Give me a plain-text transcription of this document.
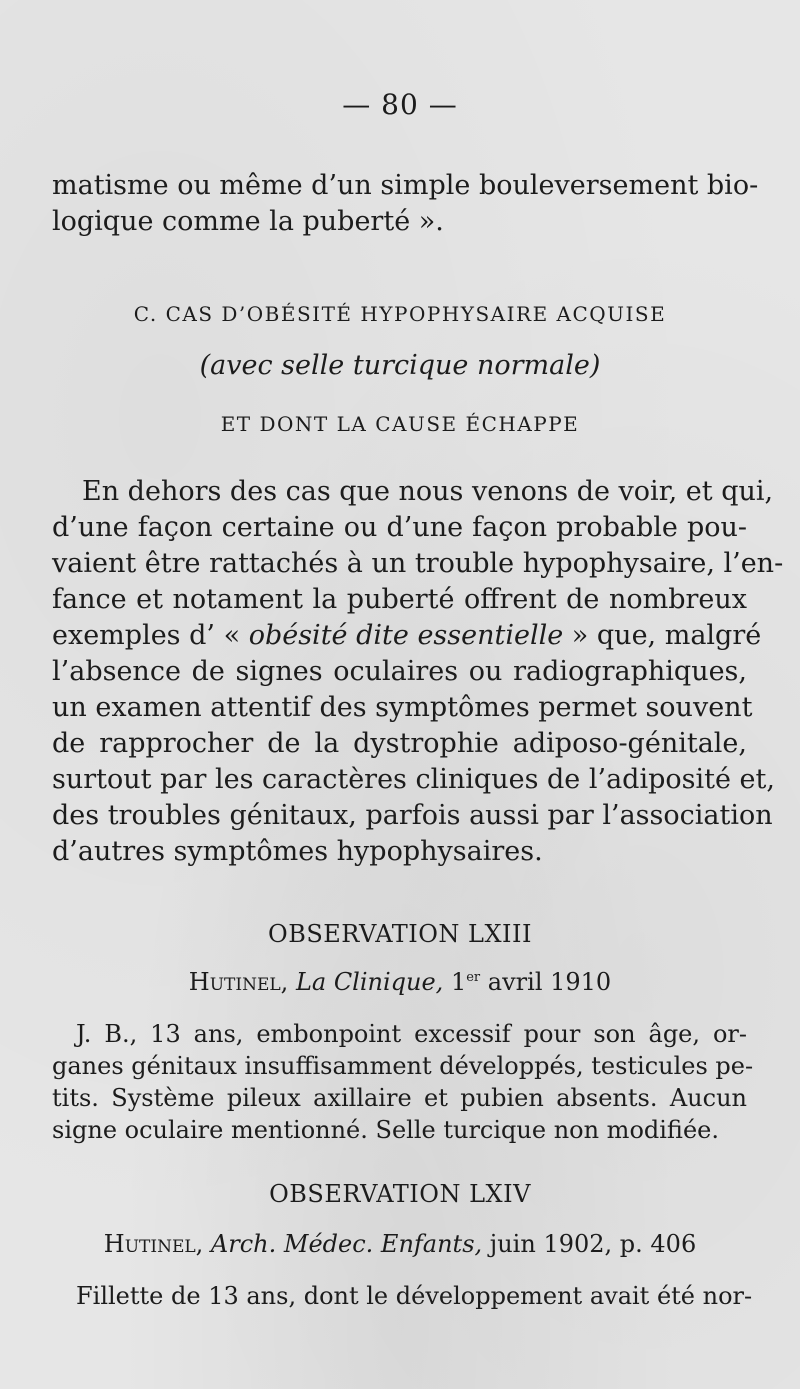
— 80 —

matisme ou même d’un simple bouleversement bio-

logique comme la puberté ».

C. CAS D’OBÉSITÉ HYPOPHYSAIRE ACQUISE

(avec selle turcique normale)

ET DONT LA CAUSE ÉCHAPPE

En dehors des cas que nous venons de voir, et qui,

d’une façon certaine ou d’une façon probable pou-

vaient être rattachés à un trouble hypophysaire, l’en-

fance et notament la puberté offrent de nombreux

exemples d’ « obésité dite essentielle » que, malgré

l’absence de signes oculaires ou radiographiques,

un examen attentif des symptômes permet souvent

de rapprocher de la dystrophie adiposo-génitale,

surtout par les caractères cliniques de l’adiposité et,

des troubles génitaux, parfois aussi par l’association

d’autres symptômes hypophysaires.

OBSERVATION LXIII

Hutinel, La Clinique, 1er avril 1910

J. B., 13 ans, embonpoint excessif pour son âge, or-

ganes génitaux insuffisamment développés, testicules pe-

tits. Système pileux axillaire et pubien absents. Aucun

signe oculaire mentionné. Selle turcique non modifiée.

OBSERVATION LXIV

Hutinel, Arch. Médec. Enfants, juin 1902, p. 406

Fillette de 13 ans, dont le développement avait été nor-
